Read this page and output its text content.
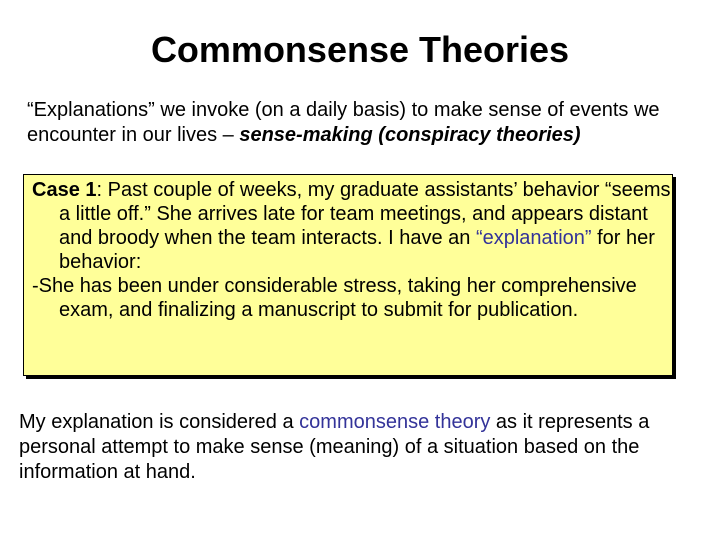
Commonsense Theories
“Explanations” we invoke (on a daily basis) to make sense of events we encounter in our lives – sense-making (conspiracy theories)

Case 1: Past couple of weeks, my graduate assistants’ behavior “seems a little off.” She arrives late for team meetings, and appears distant and broody when the team interacts. I have an “explanation” for her behavior:

-She has been under considerable stress, taking her comprehensive exam, and finalizing a manuscript to submit for publication.

My explanation is considered a commonsense theory as it represents a personal attempt to make sense (meaning) of a situation based on the information at hand.
